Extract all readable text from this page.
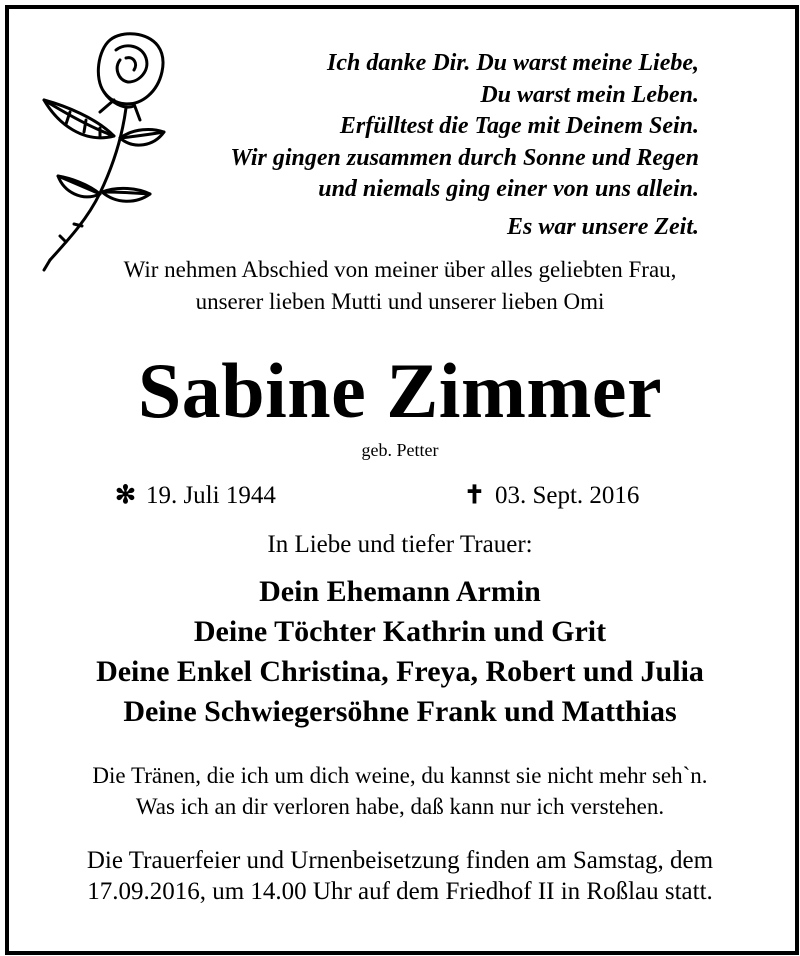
Ich danke Dir. Du warst meine Liebe,
Du warst mein Leben.
Erfülltest die Tage mit Deinem Sein.
Wir gingen zusammen durch Sonne und Regen
und niemals ging einer von uns allein.
Es war unsere Zeit.
Wir nehmen Abschied von meiner über alles geliebten Frau,
unserer lieben Mutti und unserer lieben Omi
Sabine Zimmer
geb. Petter
✻ 19. Juli 1944	✝ 03. Sept. 2016
In Liebe und tiefer Trauer:
Dein Ehemann Armin
Deine Töchter Kathrin und Grit
Deine Enkel Christina, Freya, Robert und Julia
Deine Schwiegersöhne Frank und Matthias
Die Tränen, die ich um dich weine, du kannst sie nicht mehr seh`n.
Was ich an dir verloren habe, daß kann nur ich verstehen.
Die Trauerfeier und Urnenbeisetzung finden am Samstag, dem
17.09.2016, um 14.00 Uhr auf dem Friedhof II in Roßlau statt.
